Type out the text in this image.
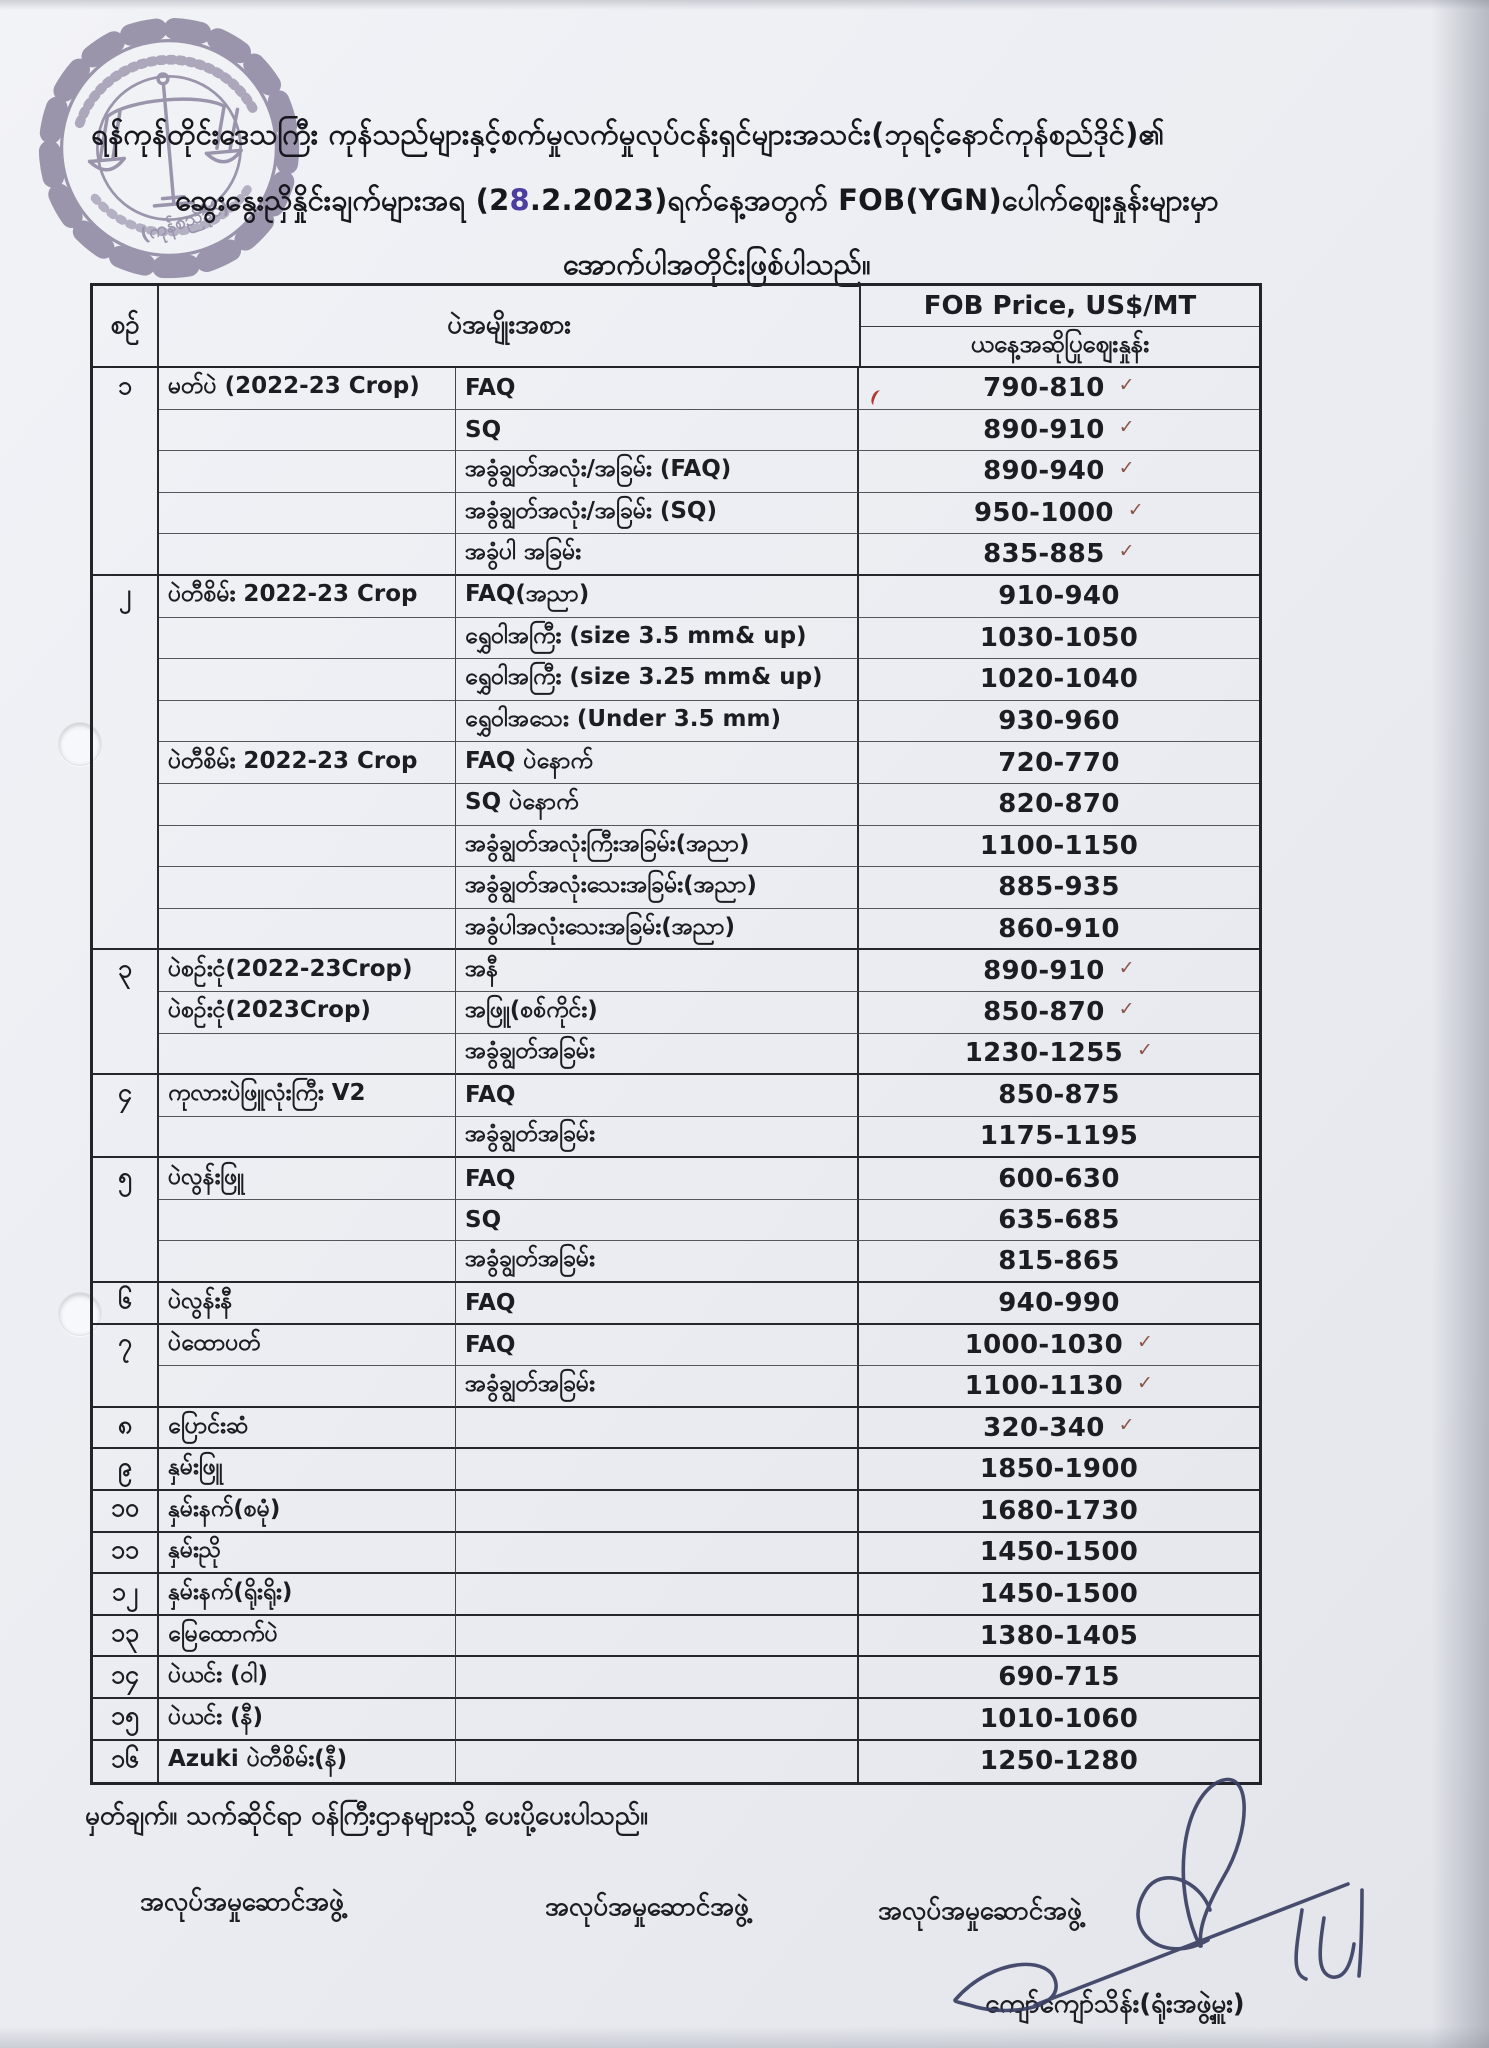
(ကုန်စည်ဒိုင်)
ရန်ကုန်တိုင်းဒေသကြီး ကုန်သည်များနှင့်စက်မှုလက်မှုလုပ်ငန်းရှင်များအသင်း(ဘုရင့်နောင်ကုန်စည်ဒိုင်)၏
ဆွေးနွေးညှိနှိုင်းချက်များအရ (28.2.2023)ရက်နေ့အတွက် FOB(YGN)ပေါက်ဈေးနှုန်းများမှာ
အောက်ပါအတိုင်းဖြစ်ပါသည်။
စဉ်	ပဲအမျိုးအစား
FOB Price, US$/MT
ယနေ့အဆိုပြုဈေးနှုန်း
၁	မတ်ပဲ (2022-23 Crop)	FAQ	790-810 ✓
SQ	890-910 ✓
အခွံချွတ်အလုံး/အခြမ်း (FAQ)	890-940 ✓
အခွံချွတ်အလုံး/အခြမ်း (SQ)	950-1000 ✓
အခွံပါ အခြမ်း	835-885 ✓
၂	ပဲတီစိမ်း 2022-23 Crop	FAQ(အညာ)	910-940
ရွှေဝါအကြီး (size 3.5 mm& up)	1030-1050
ရွှေဝါအကြီး (size 3.25 mm& up)	1020-1040
ရွှေဝါအသေး (Under 3.5 mm)	930-960
ပဲတီစိမ်း 2022-23 Crop	FAQ ပဲနောက်	720-770
SQ ပဲနောက်	820-870
အခွံချွတ်အလုံးကြီးအခြမ်း(အညာ)	1100-1150
အခွံချွတ်အလုံးသေးအခြမ်း(အညာ)	885-935
အခွံပါအလုံးသေးအခြမ်း(အညာ)	860-910
၃	ပဲစဉ်းငုံ(2022-23Crop)	အနီ	890-910 ✓
ပဲစဉ်းငုံ(2023Crop)	အဖြူ(စစ်ကိုင်း)	850-870 ✓
အခွံချွတ်အခြမ်း	1230-1255 ✓
၄	ကုလားပဲဖြူလုံးကြီး V2	FAQ	850-875
အခွံချွတ်အခြမ်း	1175-1195
၅	ပဲလွန်းဖြူ	FAQ	600-630
SQ	635-685
အခွံချွတ်အခြမ်း	815-865
၆	ပဲလွန်းနီ	FAQ	940-990
၇	ပဲထောပတ်	FAQ	1000-1030 ✓
အခွံချွတ်အခြမ်း	1100-1130 ✓
၈	ပြောင်းဆံ	320-340 ✓
၉	နှမ်းဖြူ	1850-1900
၁၀	နှမ်းနက်(စမုံ)	1680-1730
၁၁	နှမ်းညို	1450-1500
၁၂	နှမ်းနက်(ရိုးရိုး)	1450-1500
၁၃	မြေထောက်ပဲ	1380-1405
၁၄	ပဲယင်း (ဝါ)	690-715
၁၅	ပဲယင်း (နီ)	1010-1060
၁၆	Azuki ပဲတီစိမ်း(နီ)	1250-1280
မှတ်ချက်။ သက်ဆိုင်ရာ ဝန်ကြီးဌာနများသို့ ပေးပို့ပေးပါသည်။
အလုပ်အမှုဆောင်အဖွဲ့	အလုပ်အမှုဆောင်အဖွဲ့	အလုပ်အမှုဆောင်အဖွဲ့
ကျော်ကျော်သိန်း(ရုံးအဖွဲ့မှူး)
